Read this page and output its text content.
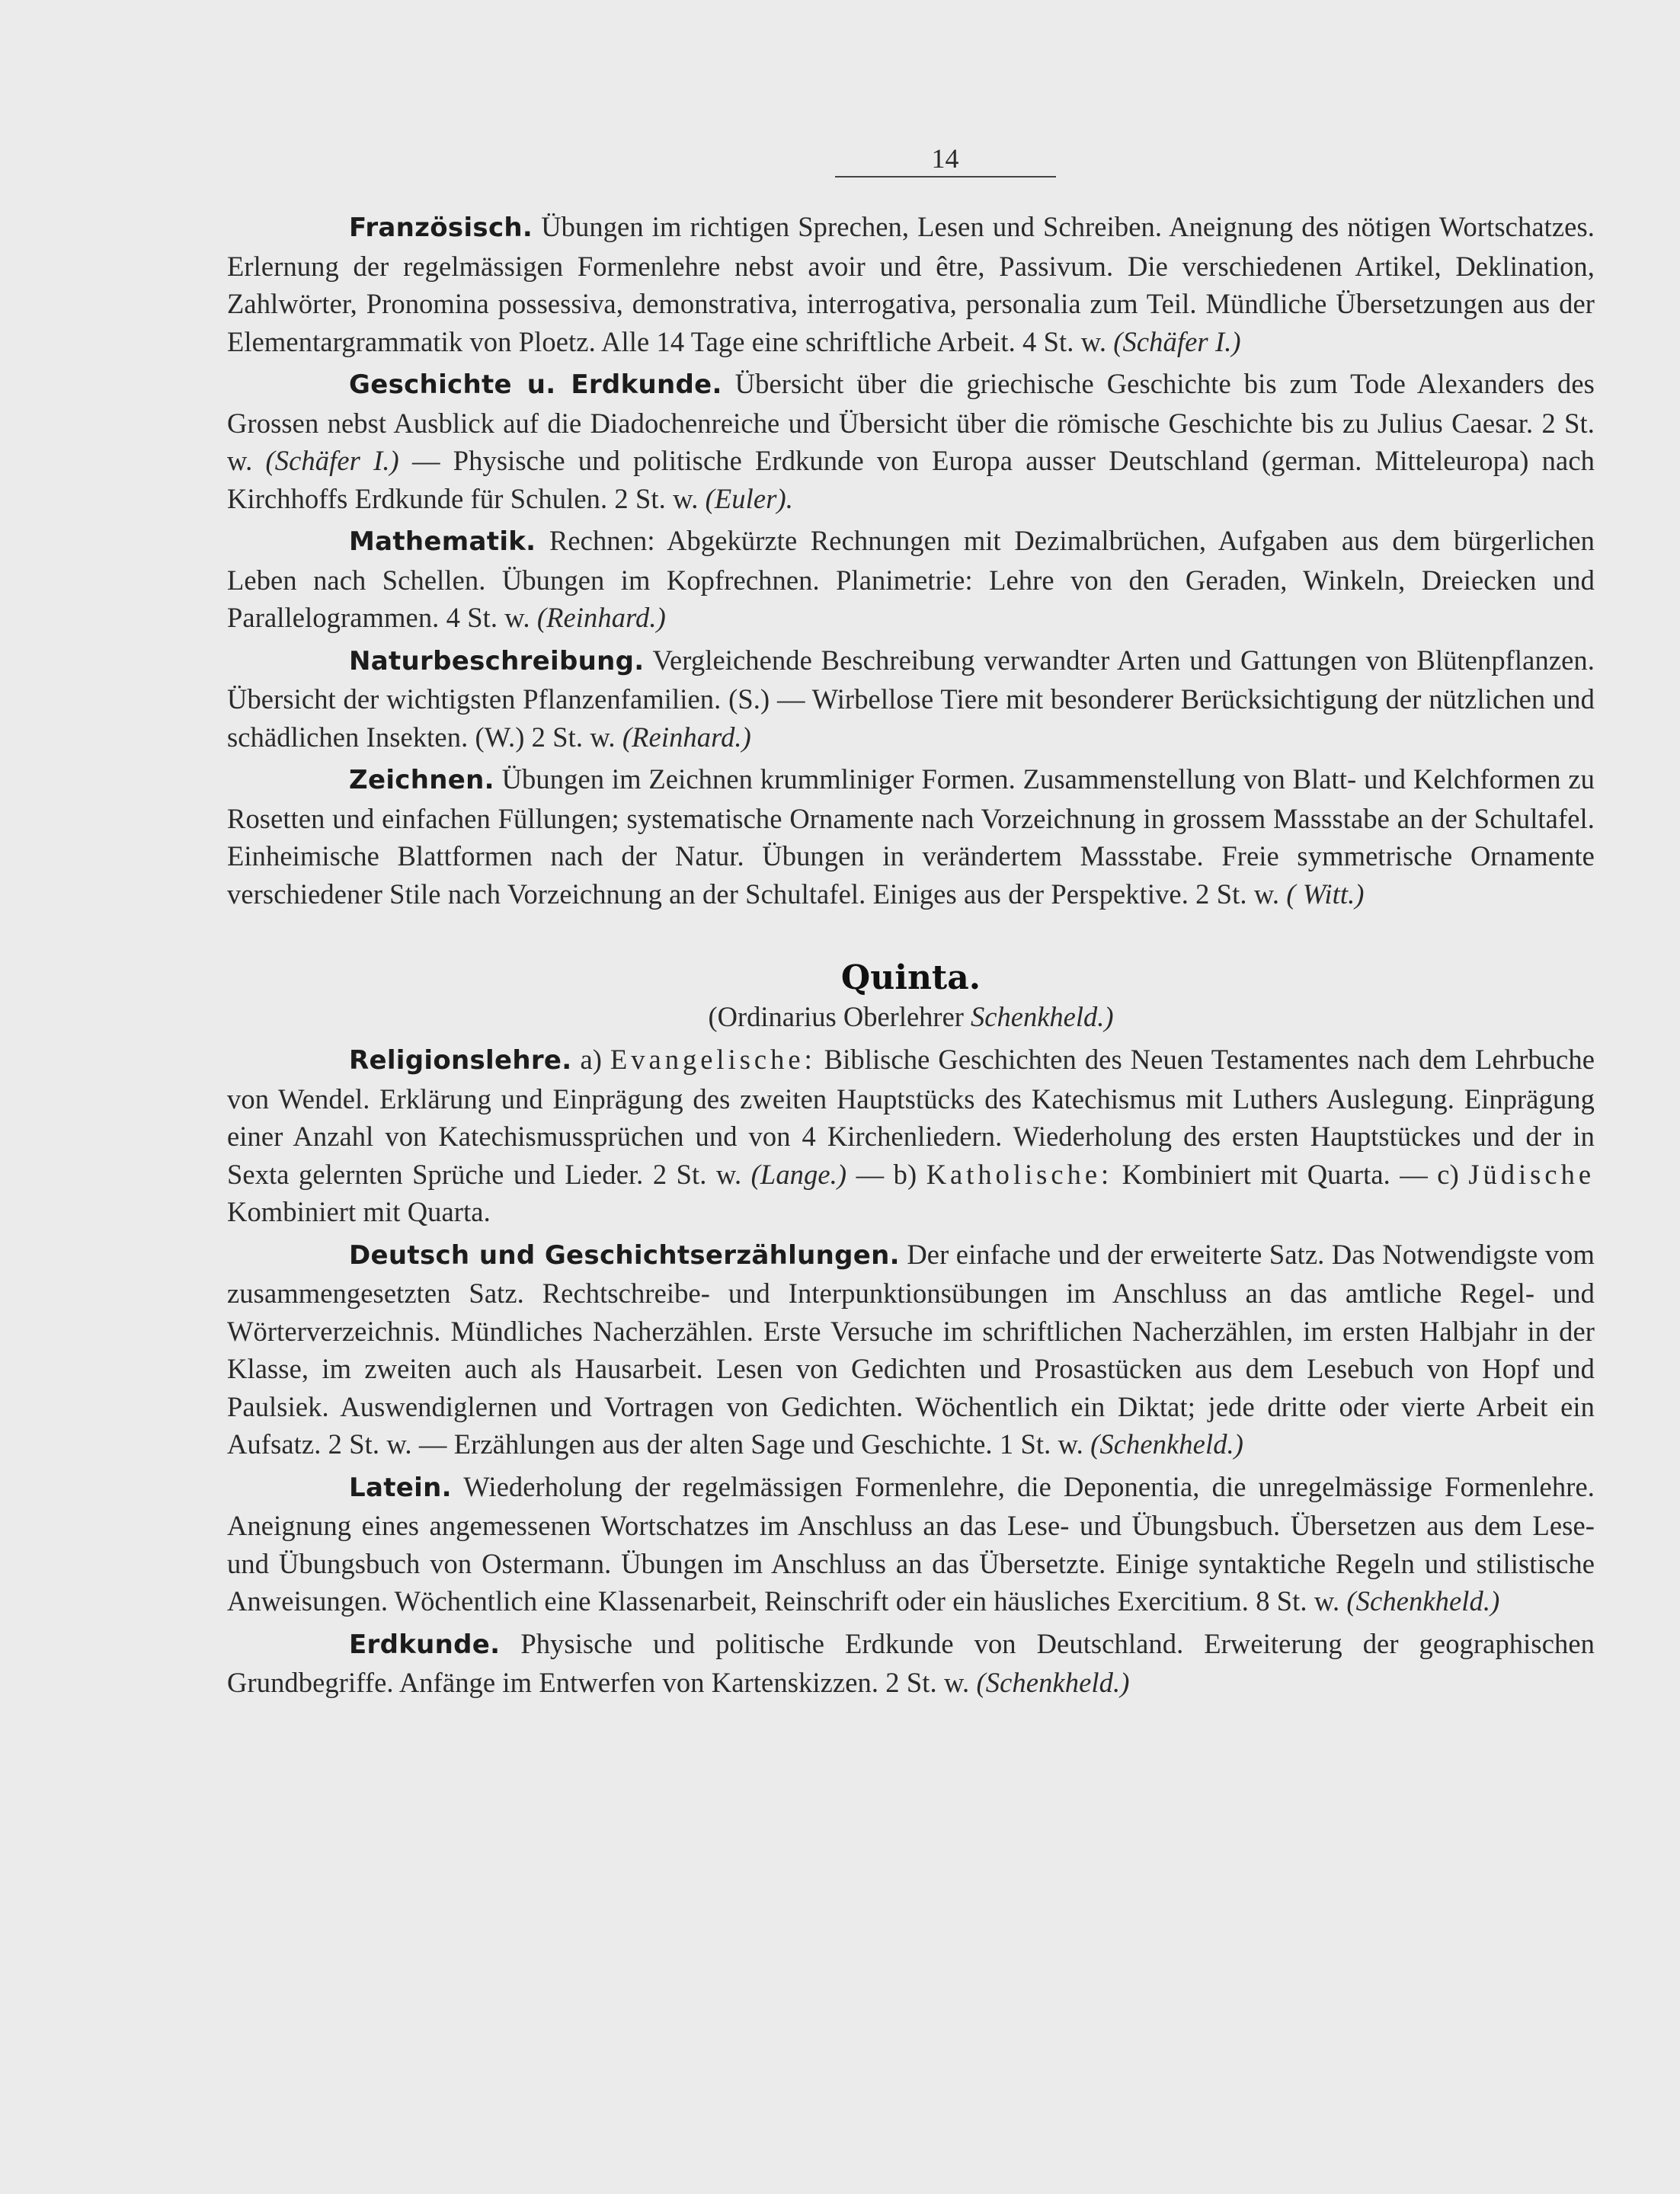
14

Französisch. Übungen im richtigen Sprechen, Lesen und Schreiben. Aneignung des nötigen Wortschatzes. Erlernung der regelmässigen Formenlehre nebst avoir und être, Passivum. Die verschiedenen Artikel, Deklination, Zahlwörter, Pronomina possessiva, demonstrativa, interrogativa, personalia zum Teil. Mündliche Übersetzungen aus der Elementargrammatik von Ploetz. Alle 14 Tage eine schriftliche Arbeit. 4 St. w. (Schäfer I.)

Geschichte u. Erdkunde. Übersicht über die griechische Geschichte bis zum Tode Alexanders des Grossen nebst Ausblick auf die Diadochenreiche und Übersicht über die römische Geschichte bis zu Julius Caesar. 2 St. w. (Schäfer I.) — Physische und politische Erdkunde von Europa ausser Deutschland (german. Mitteleuropa) nach Kirchhoffs Erdkunde für Schulen. 2 St. w. (Euler).

Mathematik. Rechnen: Abgekürzte Rechnungen mit Dezimalbrüchen, Aufgaben aus dem bürgerlichen Leben nach Schellen. Übungen im Kopfrechnen. Planimetrie: Lehre von den Geraden, Winkeln, Dreiecken und Parallelogrammen. 4 St. w. (Reinhard.)

Naturbeschreibung. Vergleichende Beschreibung verwandter Arten und Gattungen von Blütenpflanzen. Übersicht der wichtigsten Pflanzenfamilien. (S.) — Wirbellose Tiere mit besonderer Berücksichtigung der nützlichen und schädlichen Insekten. (W.) 2 St. w. (Reinhard.)

Zeichnen. Übungen im Zeichnen krummliniger Formen. Zusammenstellung von Blatt- und Kelchformen zu Rosetten und einfachen Füllungen; systematische Ornamente nach Vorzeichnung in grossem Massstabe an der Schultafel. Einheimische Blattformen nach der Natur. Übungen in verändertem Massstabe. Freie symmetrische Ornamente verschiedener Stile nach Vorzeichnung an der Schultafel. Einiges aus der Perspektive. 2 St. w. ( Witt.)

Quinta.
(Ordinarius Oberlehrer Schenkheld.)

Religionslehre. a) Evangelische: Biblische Geschichten des Neuen Testamentes nach dem Lehrbuche von Wendel. Erklärung und Einprägung des zweiten Hauptstücks des Katechismus mit Luthers Auslegung. Einprägung einer Anzahl von Katechismussprüchen und von 4 Kirchenliedern. Wiederholung des ersten Hauptstückes und der in Sexta gelernten Sprüche und Lieder. 2 St. w. (Lange.) — b) Katholische: Kombiniert mit Quarta. — c) Jüdische Kombiniert mit Quarta.

Deutsch und Geschichtserzählungen. Der einfache und der erweiterte Satz. Das Notwendigste vom zusammengesetzten Satz. Rechtschreibe- und Interpunktionsübungen im Anschluss an das amtliche Regel- und Wörterverzeichnis. Mündliches Nacherzählen. Erste Versuche im schriftlichen Nacherzählen, im ersten Halbjahr in der Klasse, im zweiten auch als Hausarbeit. Lesen von Gedichten und Prosastücken aus dem Lesebuch von Hopf und Paulsiek. Auswendiglernen und Vortragen von Gedichten. Wöchentlich ein Diktat; jede dritte oder vierte Arbeit ein Aufsatz. 2 St. w. — Erzählungen aus der alten Sage und Geschichte. 1 St. w. (Schenkheld.)

Latein. Wiederholung der regelmässigen Formenlehre, die Deponentia, die unregelmässige Formenlehre. Aneignung eines angemessenen Wortschatzes im Anschluss an das Lese- und Übungsbuch. Übersetzen aus dem Lese- und Übungsbuch von Ostermann. Übungen im Anschluss an das Übersetzte. Einige syntaktiche Regeln und stilistische Anweisungen. Wöchentlich eine Klassenarbeit, Reinschrift oder ein häusliches Exercitium. 8 St. w. (Schenkheld.)

Erdkunde. Physische und politische Erdkunde von Deutschland. Erweiterung der geographischen Grundbegriffe. Anfänge im Entwerfen von Kartenskizzen. 2 St. w. (Schenkheld.)
